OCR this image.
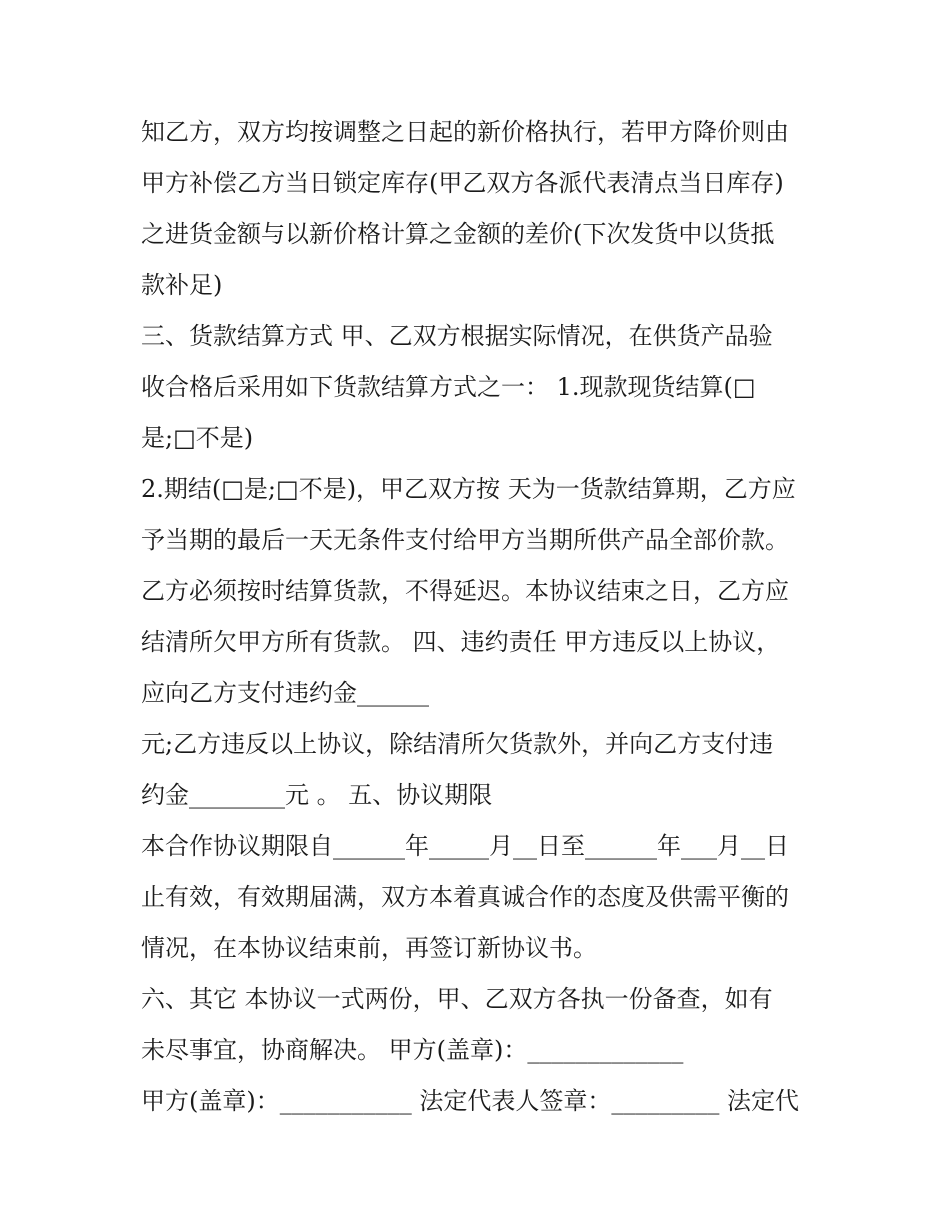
知乙方，双方均按调整之日起的新价格执行，若甲方降价则由
甲方补偿乙方当日锁定库存(甲乙双方各派代表清点当日库存)
之进货金额与以新价格计算之金额的差价(下次发货中以货抵
款补足)
三、货款结算方式 甲、乙双方根据实际情况，在供货产品验
收合格后采用如下货款结算方式之一： 1.现款现货结算(□
是;□不是)
2.期结(□是;□不是)，甲乙双方按 天为一货款结算期，乙方应
予当期的最后一天无条件支付给甲方当期所供产品全部价款。
乙方必须按时结算货款，不得延迟。本协议结束之日，乙方应
结清所欠甲方所有货款。 四、违约责任 甲方违反以上协议，
应向乙方支付违约金______
元;乙方违反以上协议，除结清所欠货款外，并向乙方支付违
约金________元 。 五、协议期限
本合作协议期限自______年_____月__日至______年___月__日
止有效，有效期届满，双方本着真诚合作的态度及供需平衡的
情况，在本协议结束前，再签订新协议书。
六、其它 本协议一式两份，甲、乙双方各执一份备查，如有
未尽事宜，协商解决。 甲方(盖章)：_____________
甲方(盖章)：___________ 法定代表人签章：_________ 法定代
